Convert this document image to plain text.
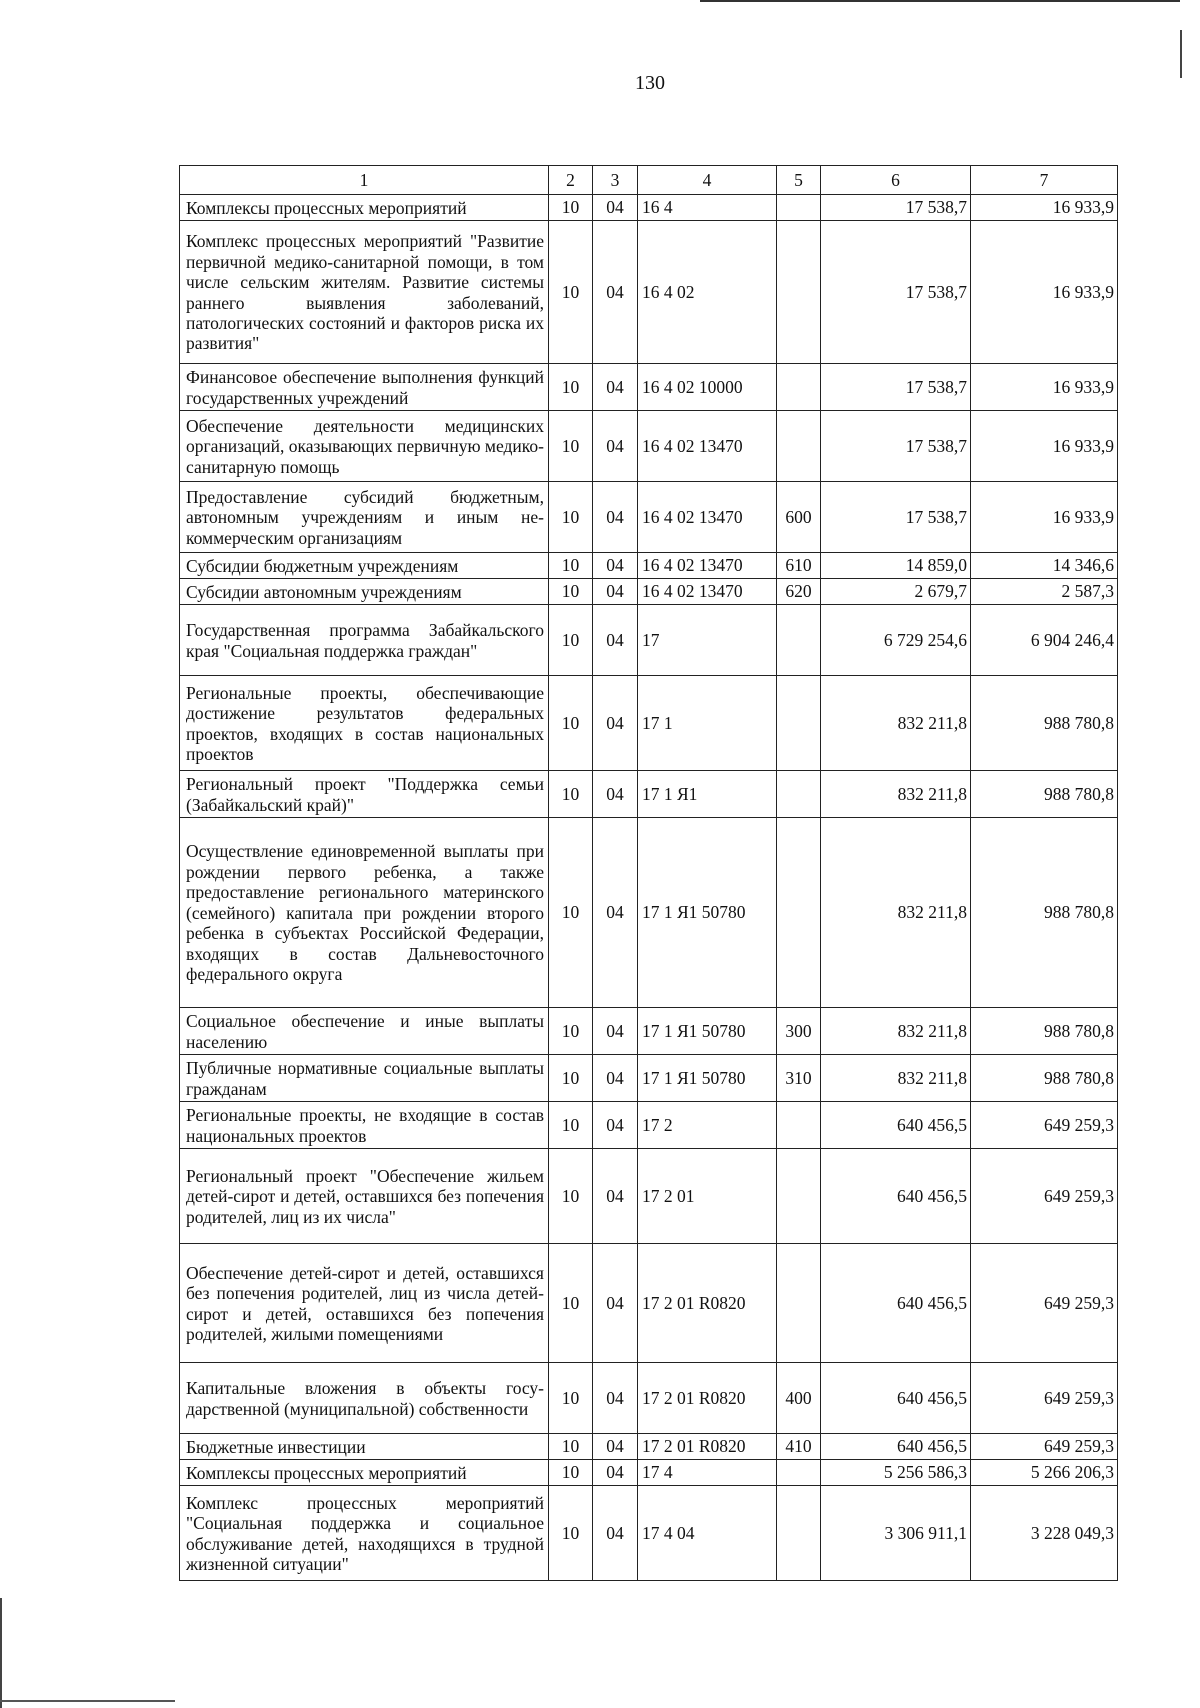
130
1	2	3	4	5	6	7
Комплексы процессных мероприятий	10	04	16 4		17 538,7	16 933,9
Комплекс процессных мероприятий "Развитие первичной медико-санитарной помощи, в том числе сельским жителям. Развитие системы раннего выявления заболеваний, патологических состояний и факторов риска их развития"	10	04	16 4 02		17 538,7	16 933,9
Финансовое обеспечение выполнения функций государственных учреждений	10	04	16 4 02 10000		17 538,7	16 933,9
Обеспечение деятельности медицинских организаций, оказывающих первичную медико-санитарную помощь	10	04	16 4 02 13470		17 538,7	16 933,9
Предоставление субсидий бюджетным, автономным учреждениям и иным некоммерческим организациям	10	04	16 4 02 13470	600	17 538,7	16 933,9
Субсидии бюджетным учреждениям	10	04	16 4 02 13470	610	14 859,0	14 346,6
Субсидии автономным учреждениям	10	04	16 4 02 13470	620	2 679,7	2 587,3
Государственная программа Забайкальского края "Социальная поддержка граждан"	10	04	17		6 729 254,6	6 904 246,4
Региональные проекты, обеспечивающие достижение результатов федеральных проектов, входящих в состав национальных проектов	10	04	17 1		832 211,8	988 780,8
Региональный проект "Поддержка семьи (Забайкальский край)"	10	04	17 1 Я1		832 211,8	988 780,8
Осуществление единовременной выплаты при рождении первого ребенка, а также предоставление регионального материнского (семейного) капитала при рождении второго ребенка в субъектах Российской Федерации, входящих в состав Дальневосточного федерального округа	10	04	17 1 Я1 50780		832 211,8	988 780,8
Социальное обеспечение и иные выплаты населению	10	04	17 1 Я1 50780	300	832 211,8	988 780,8
Публичные нормативные социальные выплаты гражданам	10	04	17 1 Я1 50780	310	832 211,8	988 780,8
Региональные проекты, не входящие в состав национальных проектов	10	04	17 2		640 456,5	649 259,3
Региональный проект "Обеспечение жильем детей-сирот и детей, оставшихся без попечения родителей, лиц из их числа"	10	04	17 2 01		640 456,5	649 259,3
Обеспечение детей-сирот и детей, оставшихся без попечения родителей, лиц из числа детей-сирот и детей, оставшихся без попечения родителей, жилыми помещениями	10	04	17 2 01 R0820		640 456,5	649 259,3
Капитальные вложения в объекты государственной (муниципальной) собственности	10	04	17 2 01 R0820	400	640 456,5	649 259,3
Бюджетные инвестиции	10	04	17 2 01 R0820	410	640 456,5	649 259,3
Комплексы процессных мероприятий	10	04	17 4		5 256 586,3	5 266 206,3
Комплекс процессных мероприятий "Социальная поддержка и социальное обслуживание детей, находящихся в трудной жизненной ситуации"	10	04	17 4 04		3 306 911,1	3 228 049,3
